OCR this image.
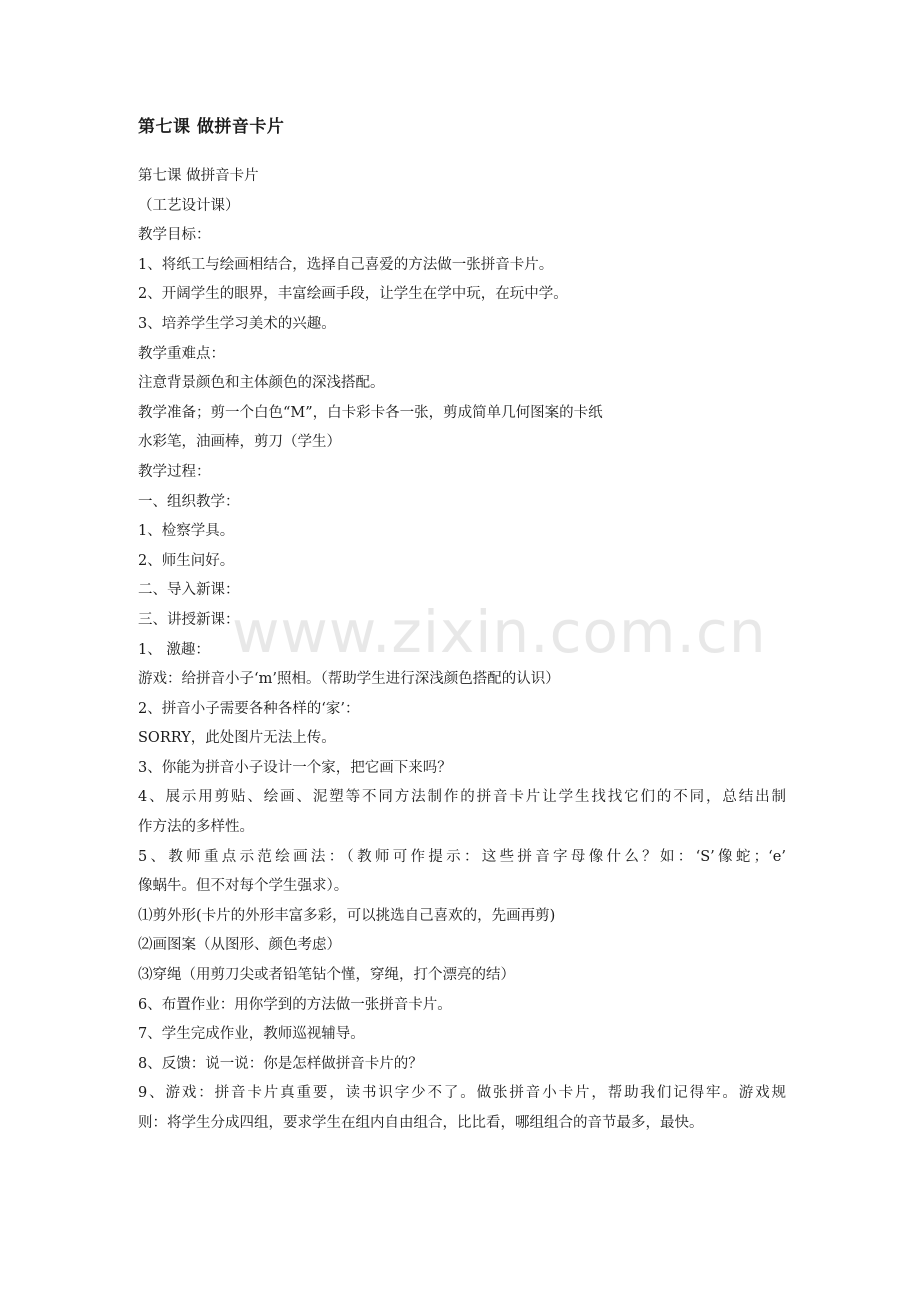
第七课 做拼音卡片
第七课 做拼音卡片
（工艺设计课）
教学目标：
1、将纸工与绘画相结合，选择自己喜爱的方法做一张拼音卡片。
2、开阔学生的眼界，丰富绘画手段，让学生在学中玩，在玩中学。
3、培养学生学习美术的兴趣。
教学重难点：
注意背景颜色和主体颜色的深浅搭配。
教学准备；剪一个白色“M”，白卡彩卡各一张，剪成简单几何图案的卡纸
水彩笔，油画棒，剪刀（学生）
教学过程：
一、组织教学：
1、检察学具。
2、师生问好。
二、导入新课：
三、讲授新课：
1、 激趣：
游戏：给拼音小子‘m’照相。（帮助学生进行深浅颜色搭配的认识）
2、拼音小子需要各种各样的‘家’：
SORRY，此处图片无法上传。
3、你能为拼音小子设计一个家，把它画下来吗？
4、展示用剪贴、绘画、泥塑等不同方法制作的拼音卡片让学生找找它们的不同，总结出制
作方法的多样性。
5、教师重点示范绘画法：（教师可作提示：这些拼音字母像什么？如：‘S’像蛇；‘e’
像蜗牛。但不对每个学生强求）。
⑴剪外形(卡片的外形丰富多彩，可以挑选自己喜欢的，先画再剪)
⑵画图案（从图形、颜色考虑）
⑶穿绳（用剪刀尖或者铅笔钻个慬，穿绳，打个漂亮的结）
6、布置作业：用你学到的方法做一张拼音卡片。
7、学生完成作业，教师巡视辅导。
8、反馈：说一说：你是怎样做拼音卡片的？
9、游戏：拼音卡片真重要，读书识字少不了。做张拼音小卡片，帮助我们记得牢。游戏规
则：将学生分成四组，要求学生在组内自由组合，比比看，哪组组合的音节最多，最快。
www.zixin.com.cn
